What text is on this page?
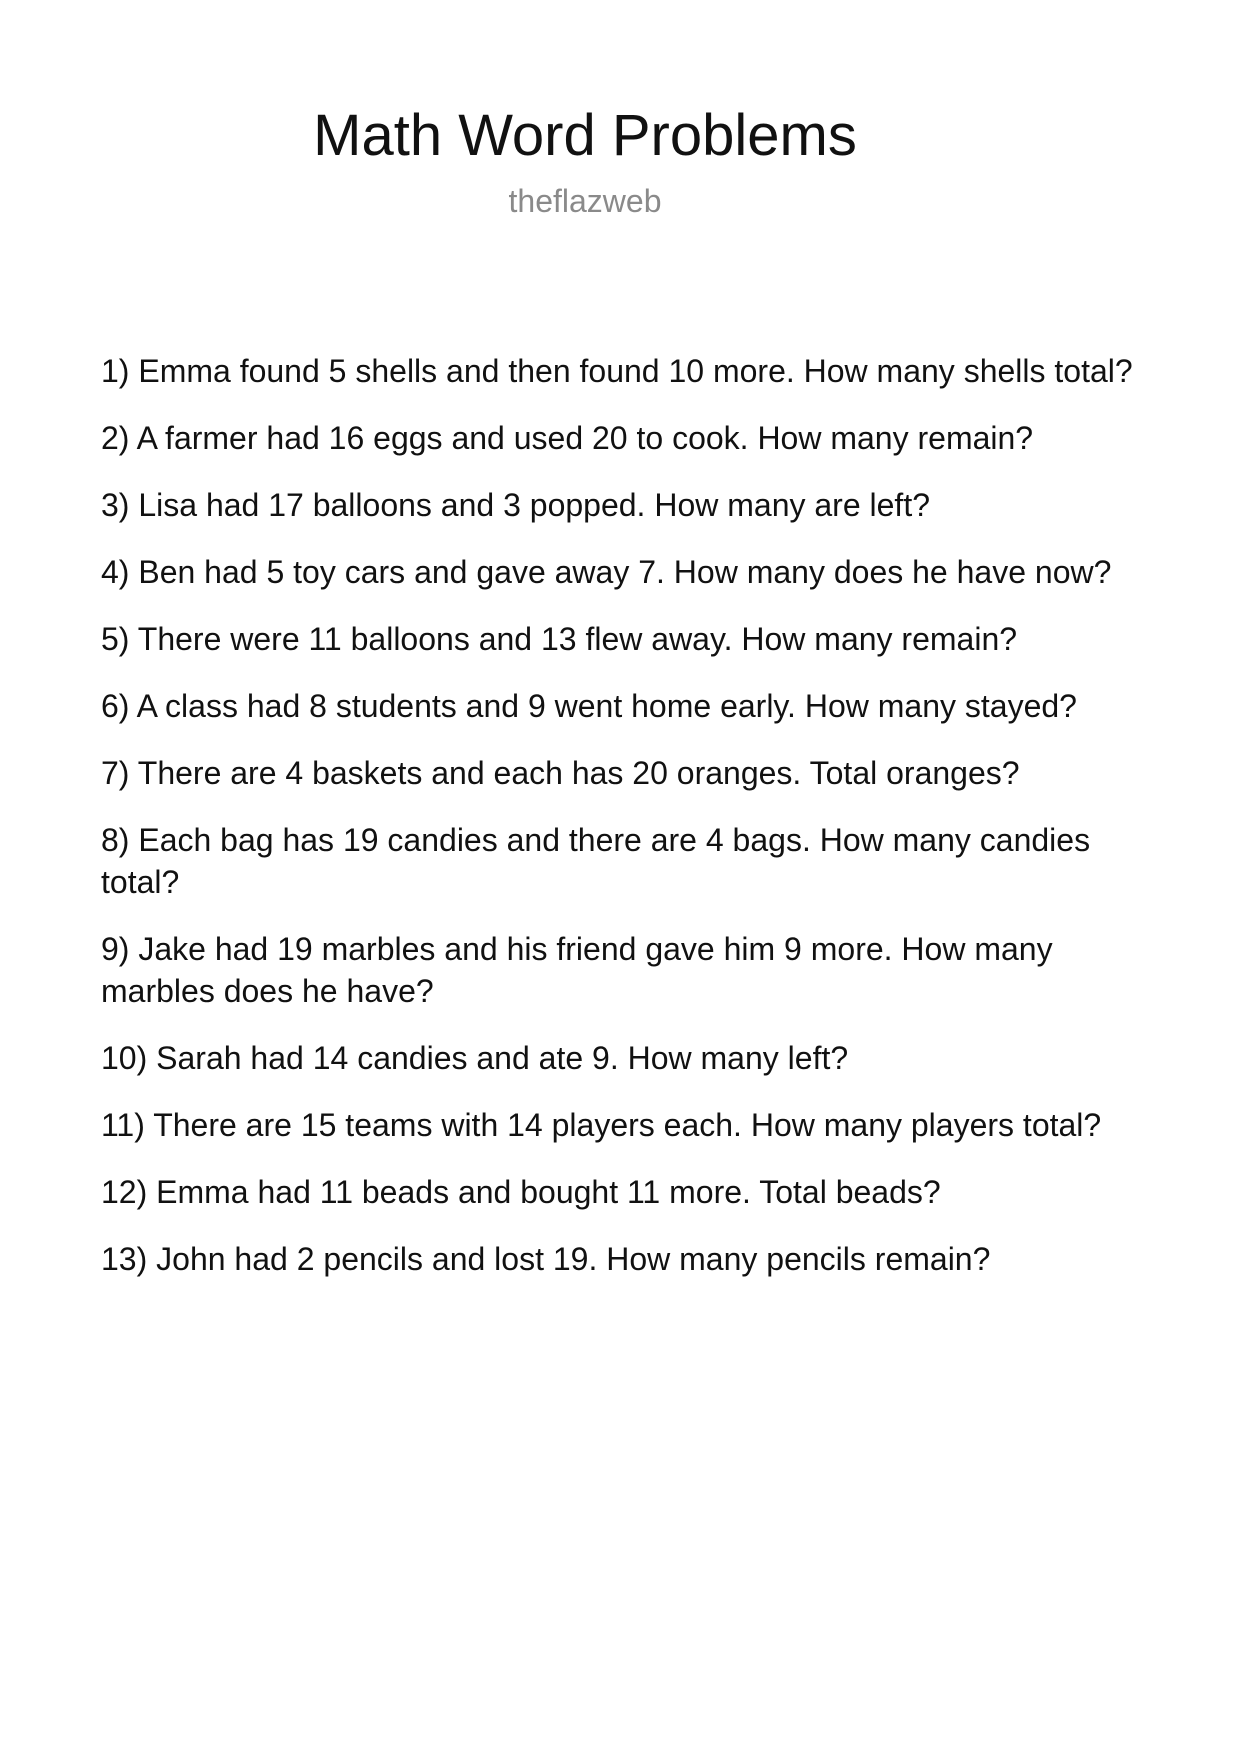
Math Word Problems

theflazweb

1) Emma found 5 shells and then found 10 more. How many shells total?
2) A farmer had 16 eggs and used 20 to cook. How many remain?
3) Lisa had 17 balloons and 3 popped. How many are left?
4) Ben had 5 toy cars and gave away 7. How many does he have now?
5) There were 11 balloons and 13 flew away. How many remain?
6) A class had 8 students and 9 went home early. How many stayed?
7) There are 4 baskets and each has 20 oranges. Total oranges?
8) Each bag has 19 candies and there are 4 bags. How many candies total?
9) Jake had 19 marbles and his friend gave him 9 more. How many marbles does he have?
10) Sarah had 14 candies and ate 9. How many left?
11) There are 15 teams with 14 players each. How many players total?
12) Emma had 11 beads and bought 11 more. Total beads?
13) John had 2 pencils and lost 19. How many pencils remain?
